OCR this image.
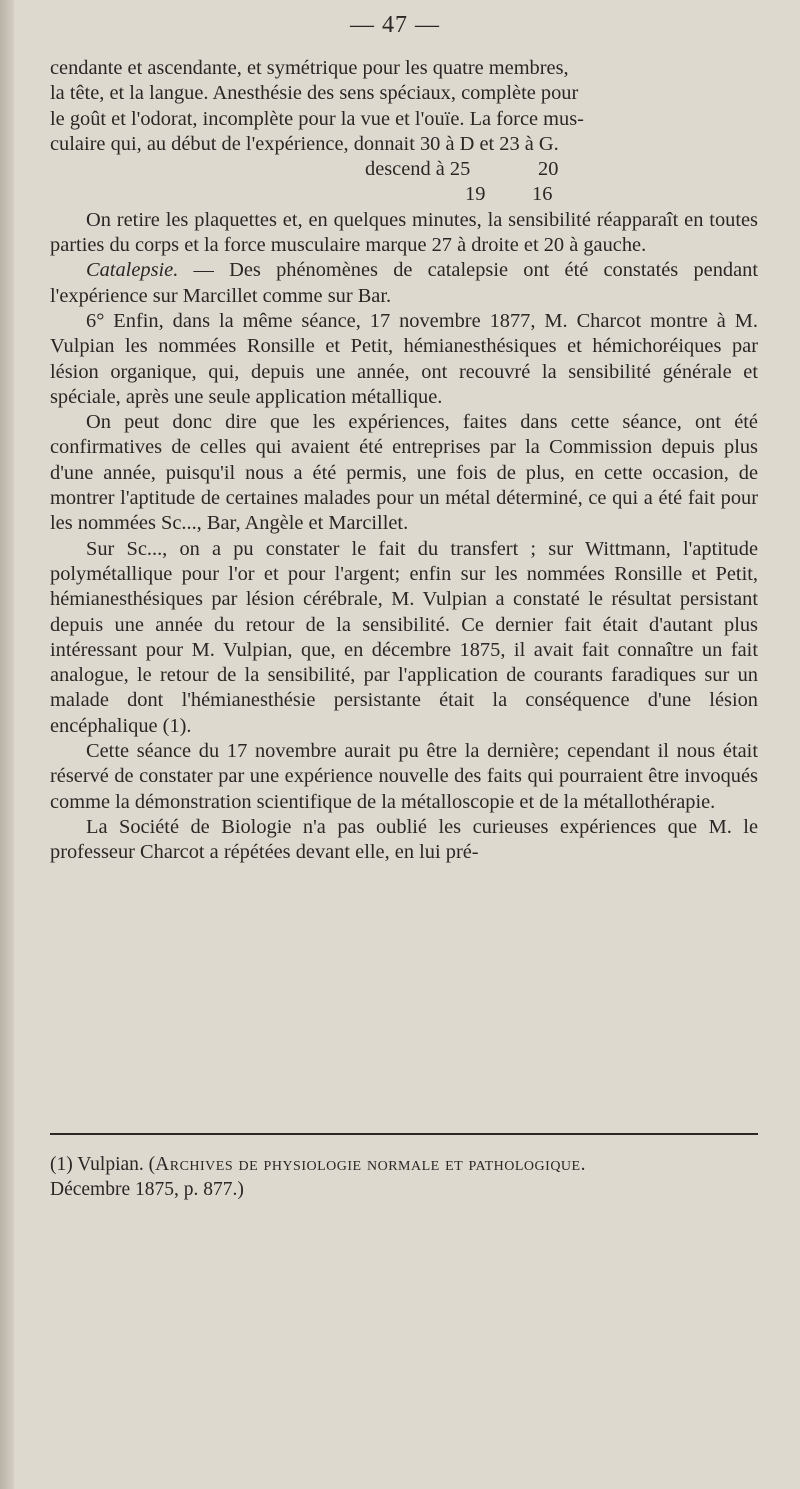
— 47 —

cendante et ascendante, et symétrique pour les quatre membres,

la tête, et la langue. Anesthésie des sens spéciaux, complète pour

le goût et l'odorat, incomplète pour la vue et l'ouïe. La force mus-

culaire qui, au début de l'expérience, donnait 30 à D et 23 à G.

descend à 25	20
19 16

On retire les plaquettes et, en quelques minutes, la sensibilité réapparaît en toutes parties du corps et la force musculaire marque 27 à droite et 20 à gauche.

Catalepsie. — Des phénomènes de catalepsie ont été constatés pendant l'expérience sur Marcillet comme sur Bar.

6° Enfin, dans la même séance, 17 novembre 1877, M. Charcot montre à M. Vulpian les nommées Ronsille et Petit, hémianesthésiques et hémichoréiques par lésion organique, qui, depuis une année, ont recouvré la sensibilité générale et spéciale, après une seule application métallique.

On peut donc dire que les expériences, faites dans cette séance, ont été confirmatives de celles qui avaient été entreprises par la Commission depuis plus d'une année, puisqu'il nous a été permis, une fois de plus, en cette occasion, de montrer l'aptitude de certaines malades pour un métal déterminé, ce qui a été fait pour les nommées Sc..., Bar, Angèle et Marcillet.

Sur Sc..., on a pu constater le fait du transfert ; sur Wittmann, l'aptitude polymétallique pour l'or et pour l'argent; enfin sur les nommées Ronsille et Petit, hémianesthésiques par lésion cérébrale, M. Vulpian a constaté le résultat persistant depuis une année du retour de la sensibilité. Ce dernier fait était d'autant plus intéressant pour M. Vulpian, que, en décembre 1875, il avait fait connaître un fait analogue, le retour de la sensibilité, par l'application de courants faradiques sur un malade dont l'hémianesthésie persistante était la conséquence d'une lésion encéphalique (1).

Cette séance du 17 novembre aurait pu être la dernière; cependant il nous était réservé de constater par une expérience nouvelle des faits qui pourraient être invoqués comme la démonstration scientifique de la métalloscopie et de la métallothérapie.

La Société de Biologie n'a pas oublié les curieuses expériences que M. le professeur Charcot a répétées devant elle, en lui pré-

(1) Vulpian. (Archives de physiologie normale et pathologique.
Décembre 1875, p. 877.)
